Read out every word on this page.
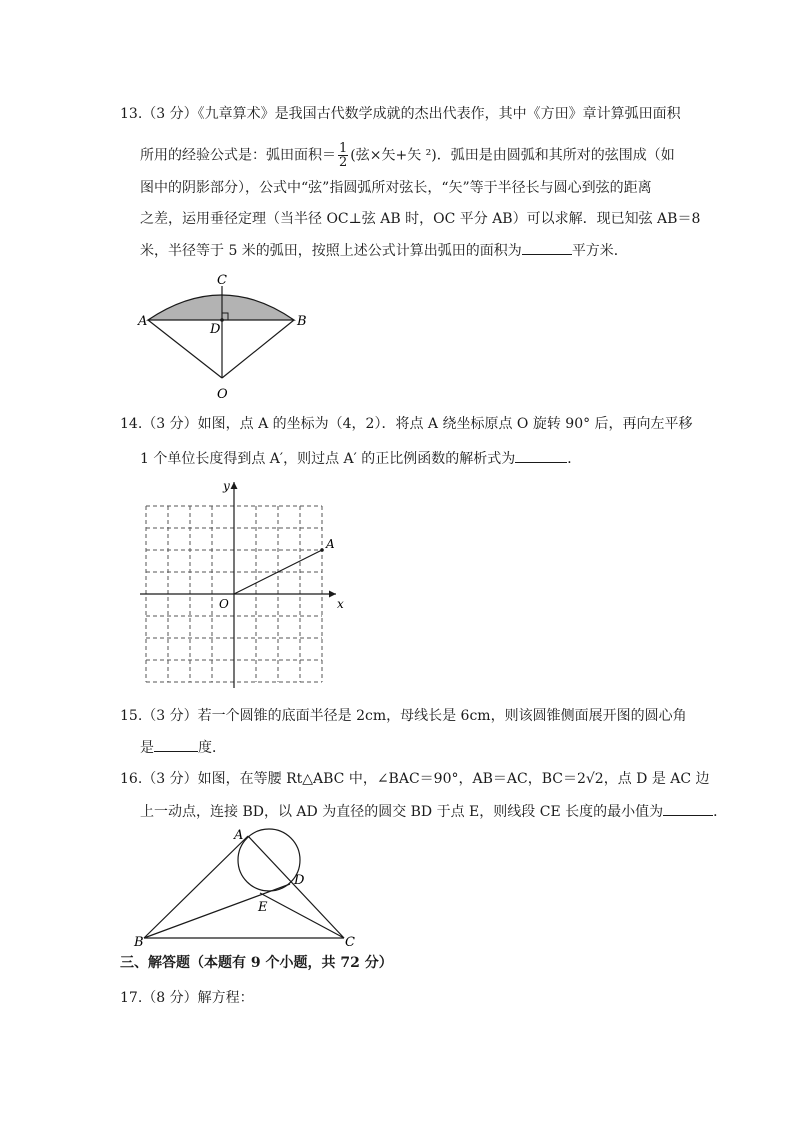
13.（3 分）《九章算术》是我国古代数学成就的杰出代表作，其中《方田》章计算弧田面积
所用的经验公式是：弧田面积＝ $\frac{1}{2}$ (弦×矢+矢 ²)．弧田是由圆弧和其所对的弦围成（如
图中的阴影部分），公式中“弦”指圆弧所对弦长，“矢”等于半径长与圆心到弦的距离
之差，运用垂径定理（当半径 OC⊥弦 AB 时，OC 平分 AB）可以求解．现已知弦 AB＝8
米，半径等于 5 米的弧田，按照上述公式计算出弧田的面积为	平方米．
A	B
C
D
O
14.（3 分）如图，点 A 的坐标为（4，2）．将点 A 绕坐标原点 O 旋转 90° 后，再向左平移
1 个单位长度得到点 A′，则过点 A′ 的正比例函数的解析式为	．
y
x
O
A
15.（3 分）若一个圆锥的底面半径是 2cm，母线长是 6cm，则该圆锥侧面展开图的圆心角
是	度．
16.（3 分）如图，在等腰 Rt△ABC 中，∠BAC＝90°，AB＝AC，BC＝2√2，点 D 是 AC 边
上一动点，连接 BD，以 AD 为直径的圆交 BD 于点 E，则线段 CE 长度的最小值为	．
A
B	C
D
E
三、解答题（本题有 9 个小题，共 72 分）
17.（8 分）解方程：
